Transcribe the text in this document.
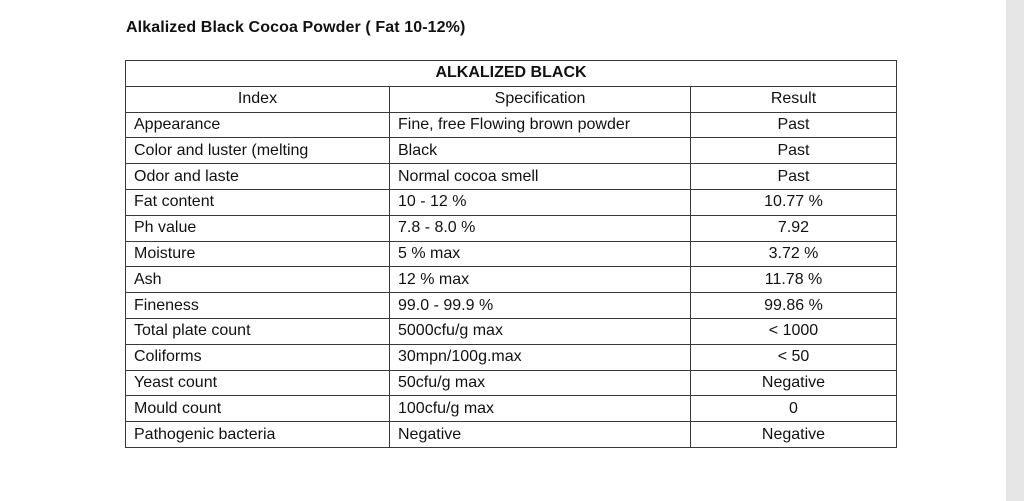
Alkalized Black Cocoa Powder ( Fat 10-12%)
ALKALIZED BLACK		
Index	Specification	Result
Appearance	Fine, free Flowing brown powder	Past
Color and luster (melting	Black	Past
Odor and laste	Normal cocoa smell	Past
Fat content	10 - 12 %	10.77 %
Ph value	7.8 - 8.0 %	7.92
Moisture	5 % max	3.72 %
Ash	12 % max	11.78 %
Fineness	99.0 - 99.9 %	99.86 %
Total plate count	5000cfu/g max	< 1000
Coliforms	30mpn/100g.max	< 50
Yeast count	50cfu/g max	Negative
Mould count	100cfu/g max	0
Pathogenic bacteria	Negative	Negative
